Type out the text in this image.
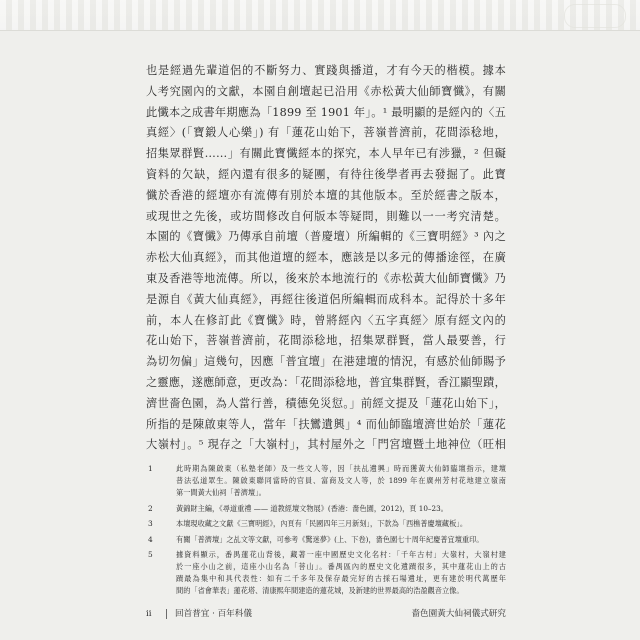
也是經過先輩道侶的不斷努力、實踐與播道，才有今天的楷模。據本
人考究園內的文獻，本園自創壇起已沿用《赤松黃大仙師寶懺》，有關
此懺本之成書年期應為「1899 至 1901 年」。¹ 最明顯的是經內的〈五
真經〉(「寶鍛人心樂」) 有「蓮花山始下，菩嶺普濟前，花間添稔地，
招集眾群賢……」有關此寶懺經本的探究，本人早年已有涉獵，² 但礙
資料的欠缺，經內還有很多的疑團，有待往後學者再去發掘了。此寶
懺於香港的經壇亦有流傳有別於本壇的其他版本。至於經書之版本，
或現世之先後，或坊間修改自何版本等疑問，則難以一一考究清楚。
本園的《寶懺》乃傳承自前壇（普慶壇）所編輯的《三寶明經》³ 內之
赤松大仙真經》，而其他道壇的經本，應該是以多元的傳播途徑，在廣
東及香港等地流傳。所以，後來於本地流行的《赤松黃大仙師寶懺》乃
是源自《黃大仙真經》，再經往後道侶所編輯而成科本。記得於十多年
前，本人在修訂此《寶懺》時，曾將經內〈五字真經〉原有經文內的
花山始下，菩嶺普濟前，花間添稔地，招集眾群賢，當人最要善，行
為切勿偏」這幾句，因應「普宜壇」在港建壇的情況，有感於仙師賜予
之靈應，遂應師意，更改為：「花間添稔地，普宜集群賢，香江顯聖蹟，
濟世嗇色園，為人當行善，積德免災愆。」前經文提及「蓮花山始下」，
所指的是陳啟東等人，當年「扶鸞遺興」⁴ 而仙師臨壇濟世始於「蓮花
大嶺村」。⁵ 現存之「大嶺村」，其村屋外之「門宮壇暨土地神位（旺相
1	此時期為陳啟東（私塾老師）及一些文人等，因「扶乩遺興」時而獲黃大仙師臨壇指示，建壇
普法弘道眾生。陳啟東聯同當時的官員、富商及文人等，於 1899 年在廣州芳村花地建立嶺南
第一間黃大仙祠「普濟壇」。
2	黃錦財主編，《尋道重禮 —— 道教經壇文物展》(香港：嗇色園，2012)，頁 10–23。
3	本壇現收藏之文獻《三寶明經》，內頁有「民國四年三月新刻」，下款為「西樵普慶壇藏板」。
4	有關「普濟壇」之乩文等文獻，可參考《驚迷夢》(上、下卷)，嗇色園七十周年紀慶普宜壇重印。
5	據資料顯示，番禺蓮花山背後，藏著一座中國歷史文化名村：「千年古村」大嶺村，大嶺村建
於一座小山之前，這座小山名為「菩山」。番禺區內的歷史文化遺蹟很多，其中蓮花山上的古
蹟最為集中和具代表性：如有二千多年及保存最完好的古採石場遺址，更有建於明代萬歷年
間的「省會華表」蓮花塔、清康熙年間建造的蓮花城，及新建的世界最高的浩盈觀音立像。
ii	回首普宜 · 百年科儀	嗇色園黃大仙祠儀式研究
